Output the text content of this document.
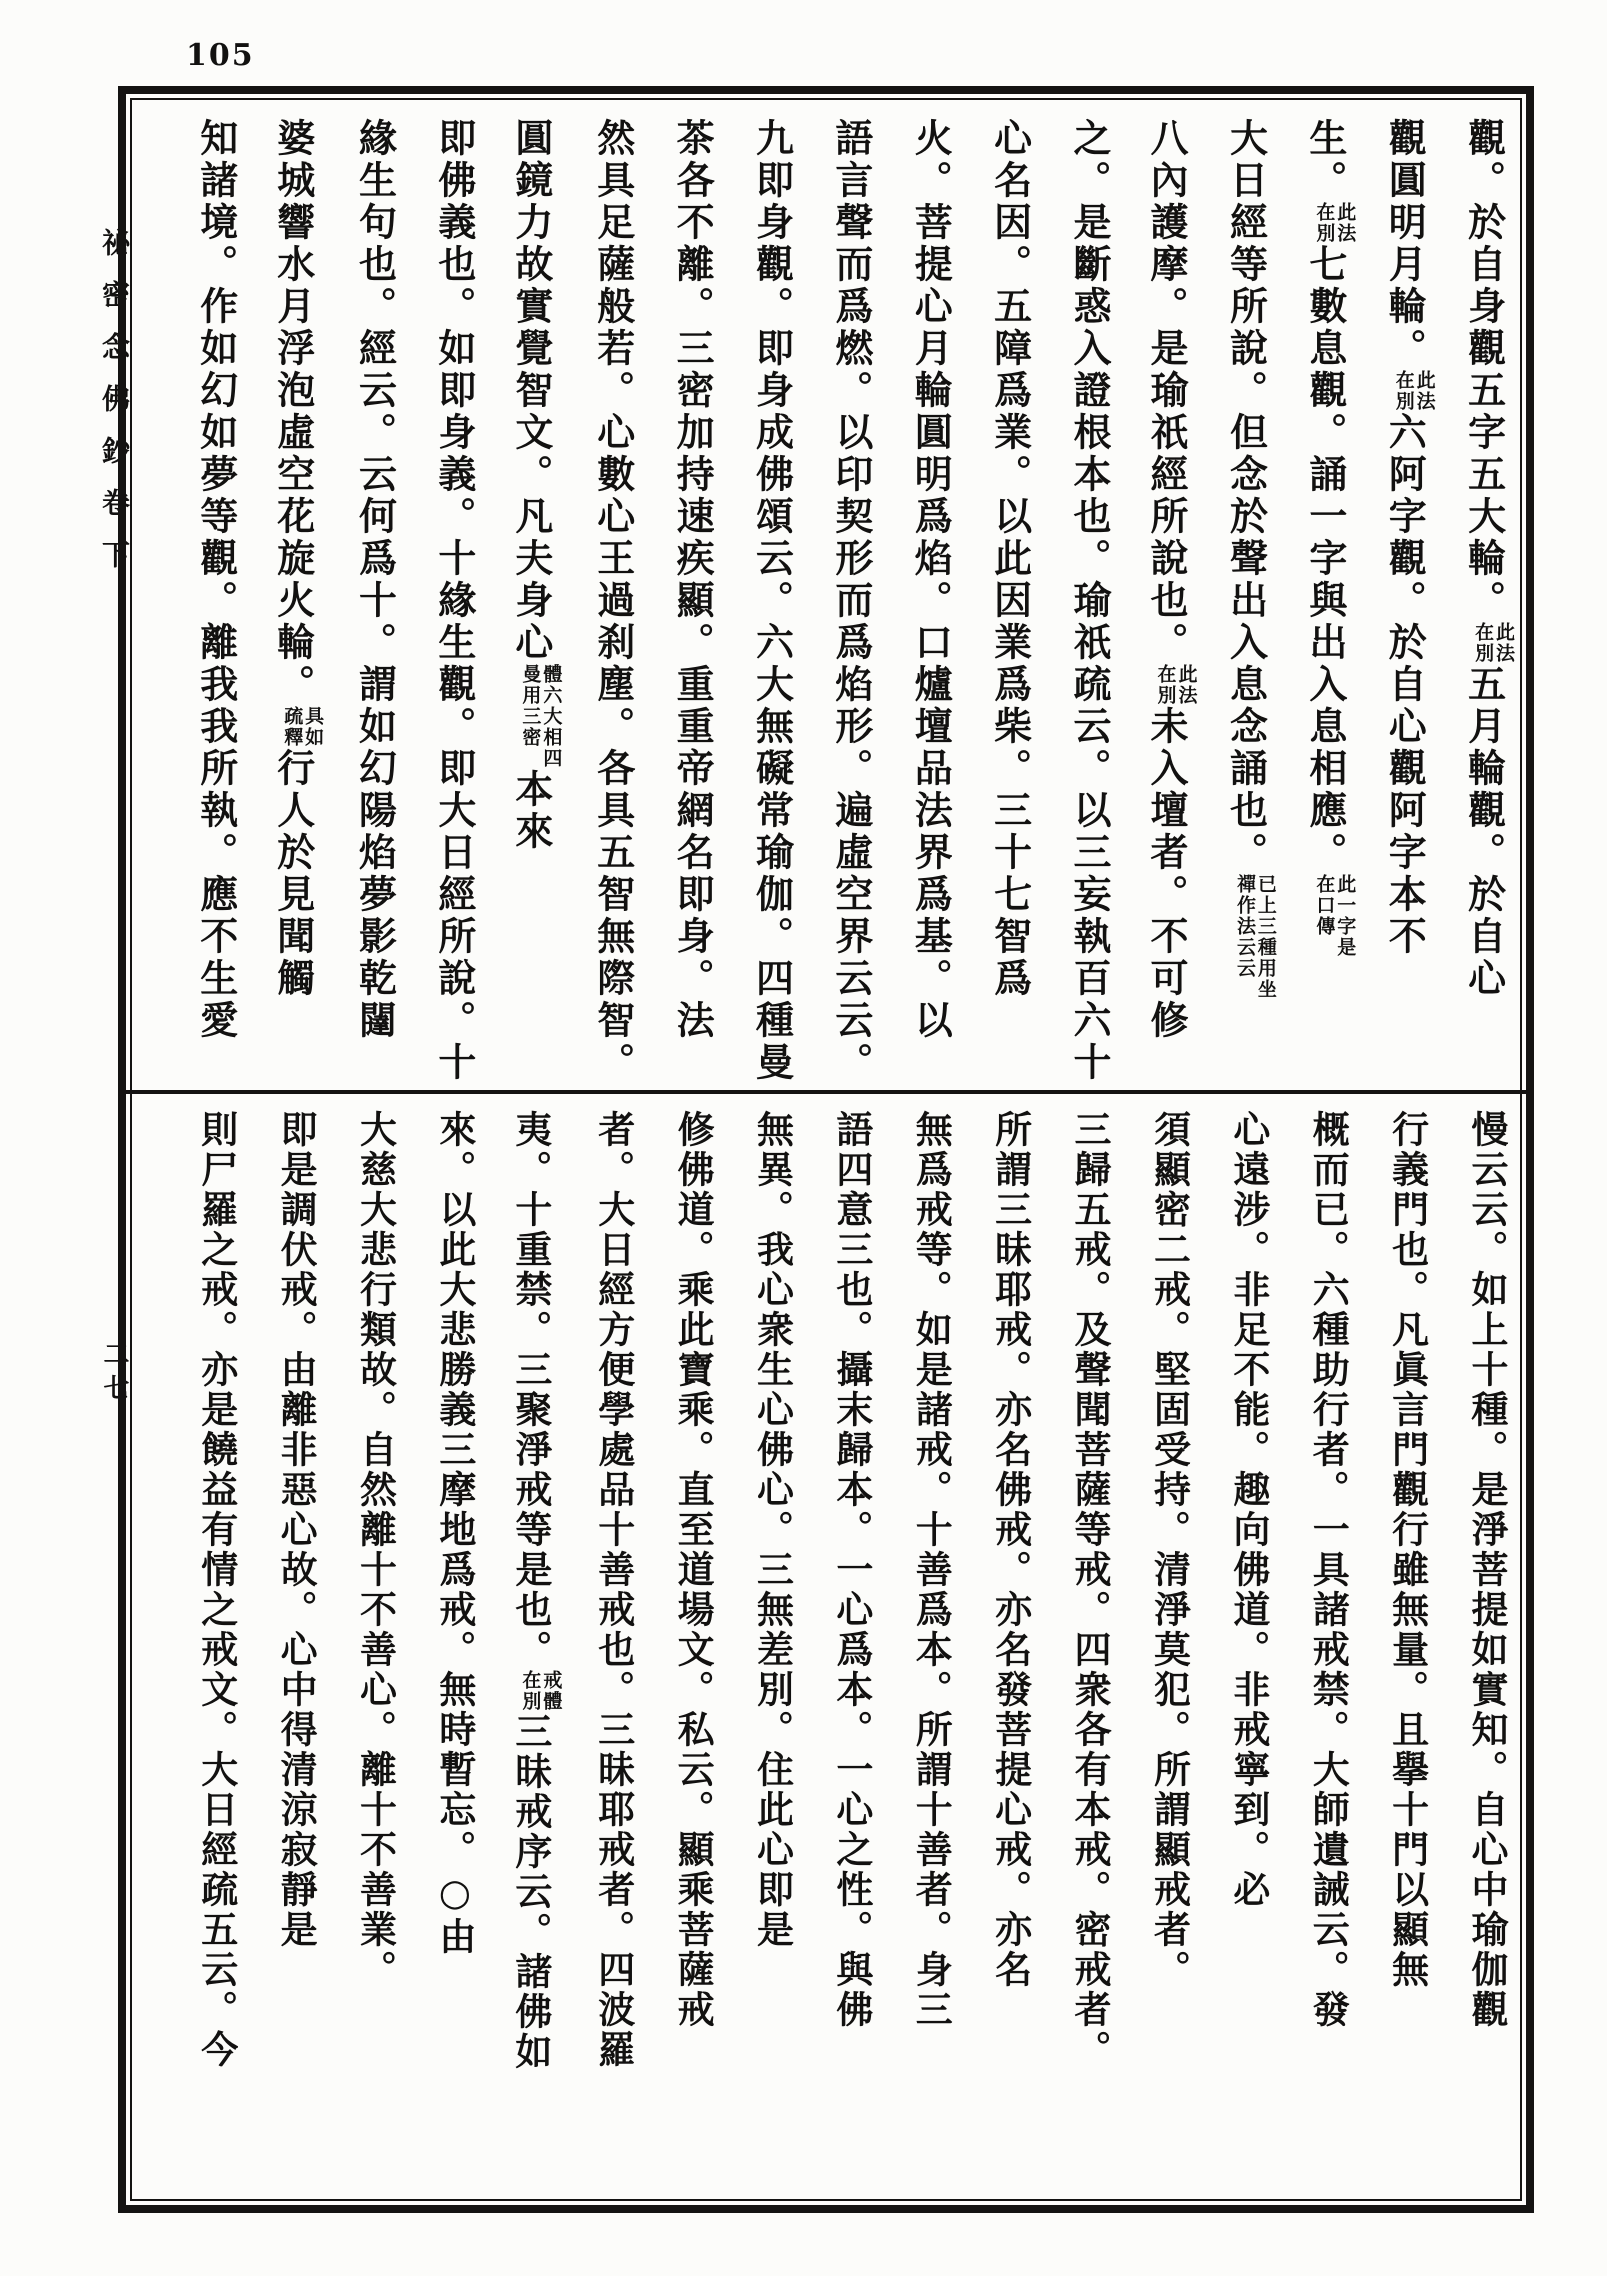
105
祕密念佛鈔卷下
二七
觀。於自身觀五字五大輪。此法在別五月輪觀。於自心
觀圓明月輪。此法在別六阿字觀。於自心觀阿字本不
生。此法在別七數息觀。誦一字與出入息相應。此一字是在口傳
大日經等所說。但念於聲出入息念誦也。已上三種用坐禪作法云云
八內護摩。是瑜祇經所說也。此法在別未入壇者。不可修
之。是斷惑入證根本也。瑜祇疏云。以三妄執百六十
心名因。五障爲業。以此因業爲柴。三十七智爲
火。菩提心月輪圓明爲焰。口爐壇品法界爲基。以
語言聲而爲燃。以印契形而爲焰形。遍虛空界云云。
九即身觀。即身成佛頌云。六大無礙常瑜伽。四種曼
茶各不離。三密加持速疾顯。重重帝網名即身。法
然具足薩般若。心數心王過刹塵。各具五智無際智。
圓鏡力故實覺智文。凡夫身心體六大相四曼用三密本來
即佛義也。如即身義。十緣生觀。即大日經所說。十
緣生句也。經云。云何爲十。謂如幻陽焰夢影乾闥
婆城響水月浮泡虛空花旋火輪。具如疏釋行人於見聞觸
知諸境。作如幻如夢等觀。離我我所執。應不生愛
慢云云。如上十種。是淨菩提如實知。自心中瑜伽觀
行義門也。凡眞言門觀行雖無量。且擧十門以顯無
概而已。六種助行者。一具諸戒禁。大師遺誡云。發
心遠涉。非足不能。趣向佛道。非戒寧到。必
須顯密二戒。堅固受持。清淨莫犯。所謂顯戒者。
三歸五戒。及聲聞菩薩等戒。四衆各有本戒。密戒者。
所謂三昧耶戒。亦名佛戒。亦名發菩提心戒。亦名
無爲戒等。如是諸戒。十善爲本。所謂十善者。身三
語四意三也。攝末歸本。一心爲本。一心之性。與佛
無異。我心衆生心佛心。三無差別。住此心即是
修佛道。乘此寶乘。直至道場文。私云。顯乘菩薩戒
者。大日經方便學處品十善戒也。三昧耶戒者。四波羅
夷。十重禁。三聚淨戒等是也。戒體在別三昧戒序云。諸佛如
來。以此大悲勝義三摩地爲戒。無時暫忘。○由
大慈大悲行類故。自然離十不善心。離十不善業。
即是調伏戒。由離非惡心故。心中得清涼寂靜是
則尸羅之戒。亦是饒益有情之戒文。大日經疏五云。今
